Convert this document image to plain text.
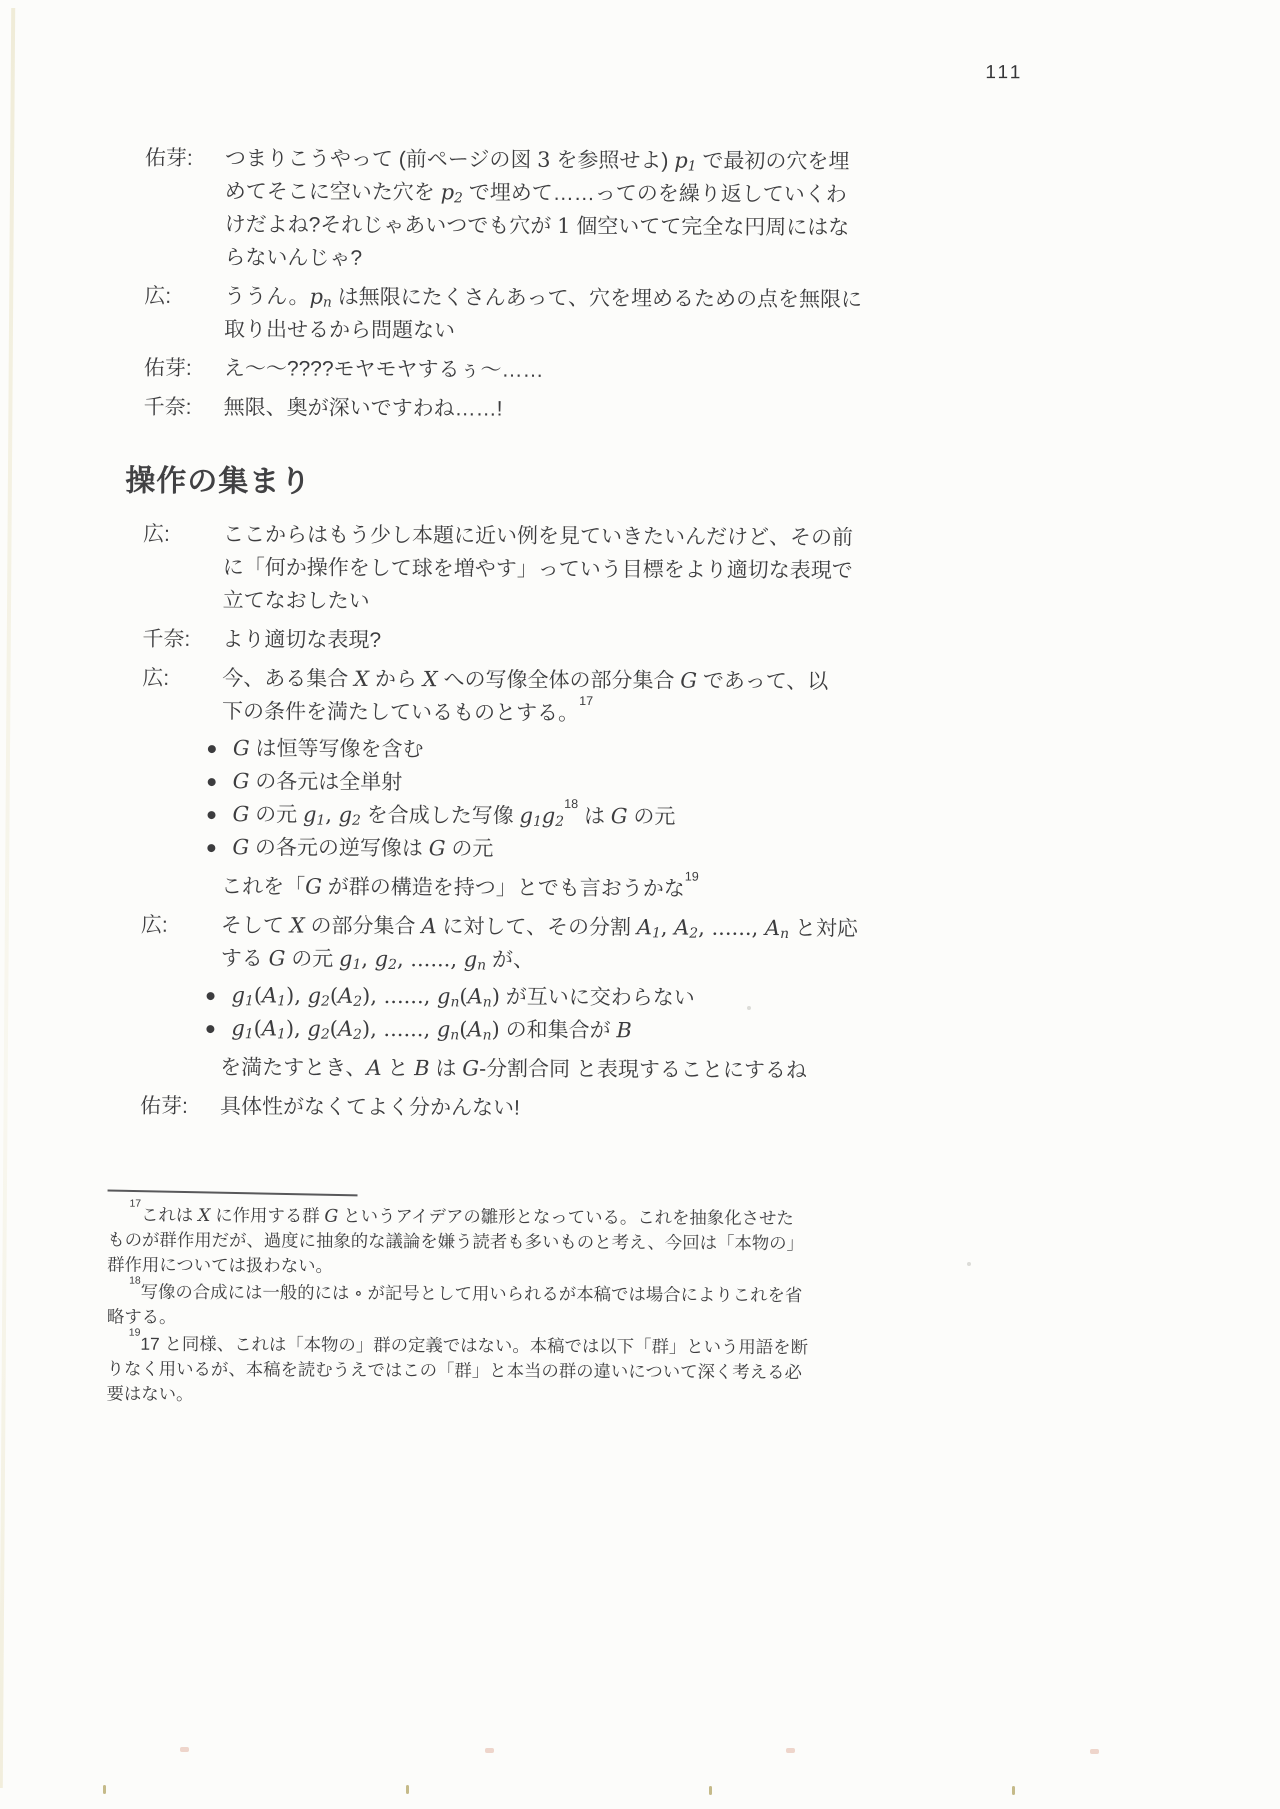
111
佑芽:	つまりこうやって (前ページの図 3 を参照せよ) $p_1$ で最初の穴を埋
めてそこに空いた穴を $p_2$ で埋めて……ってのを繰り返していくわ
けだよね?それじゃあいつでも穴が 1 個空いてて完全な円周にはな
らないんじゃ?
広:	ううん。$p_n$ は無限にたくさんあって、穴を埋めるための点を無限に
取り出せるから問題ない
佑芽:	え〜〜????モヤモヤするぅ〜……
千奈:	無限、奥が深いですわね……!
操作の集まり
広:	ここからはもう少し本題に近い例を見ていきたいんだけど、その前
に「何か操作をして球を増やす」っていう目標をより適切な表現で
立てなおしたい
千奈:	より適切な表現?
広:	今、ある集合 X から X への写像全体の部分集合 G であって、以
下の条件を満たしているものとする。$^{17}$
G は恒等写像を含む
G の各元は全単射
G の元 $g_1$, $g_2$ を合成した写像 $g_1g_2^{18}$ は G の元
G の各元の逆写像は G の元
これを「G が群の構造を持つ」とでも言おうかな$^{19}$
広:	そして X の部分集合 A に対して、その分割 $A_1$, $A_2$, ......, $A_n$ と対応
する G の元 $g_1$, $g_2$, ......, $g_n$ が、
$g_1(A_1)$, $g_2(A_2)$, ......, $g_n(A_n)$ が互いに交わらない
$g_1(A_1)$, $g_2(A_2)$, ......, $g_n(A_n)$ の和集合が B
を満たすとき、A と B は G-分割合同 と表現することにするね
佑芽:	具体性がなくてよく分かんない!
$^{17}$これは X に作用する群 G というアイデアの雛形となっている。これを抽象化させた
ものが群作用だが、過度に抽象的な議論を嫌う読者も多いものと考え、今回は「本物の」
群作用については扱わない。
$^{18}$写像の合成には一般的には ∘ が記号として用いられるが本稿では場合によりこれを省
略する。
$^{19}$17 と同様、これは「本物の」群の定義ではない。本稿では以下「群」という用語を断
りなく用いるが、本稿を読むうえではこの「群」と本当の群の違いについて深く考える必
要はない。
